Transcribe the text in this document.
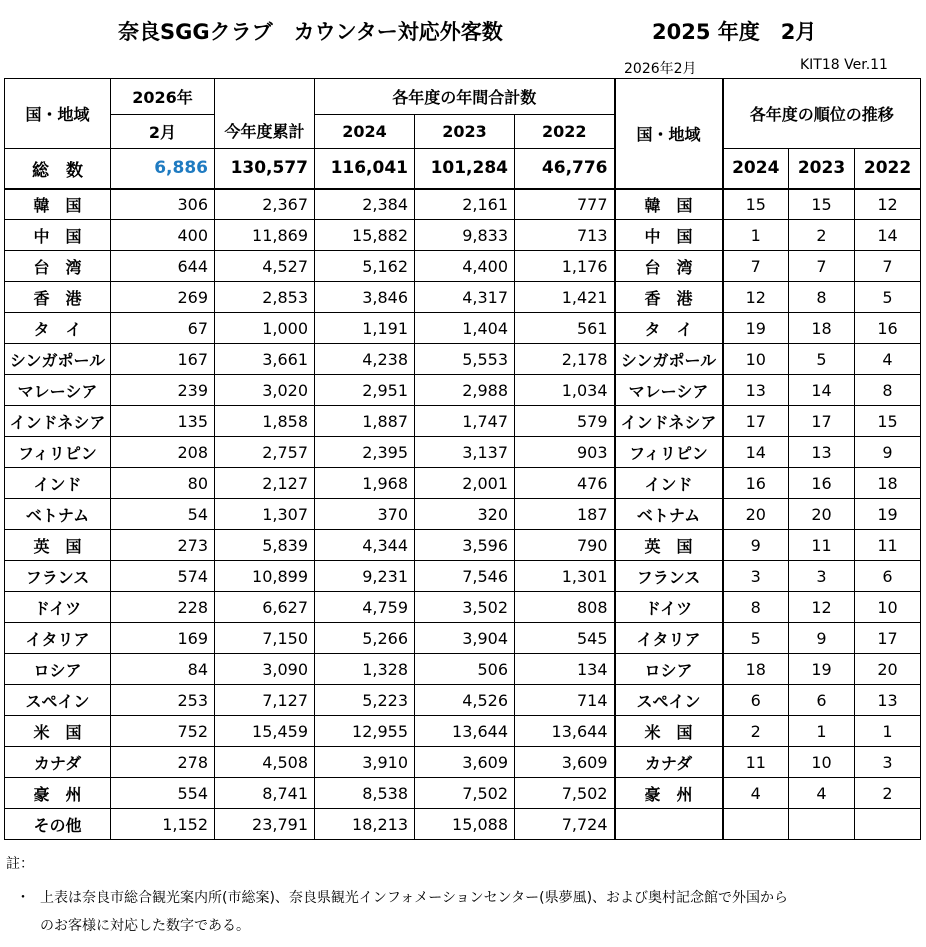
奈良SGGクラブ　カウンター対応外客数	2025 年度　2月
2026年2月	KIT18 Ver.11
国・地域	2026年	今年度累計	各年度の年間合計数			国・地域	各年度の順位の推移		
	2月		2024	2023	2022				
総　数	6,886	130,577	116,041	101,284	46,776		2024	2023	2022
韓　国	306	2,367	2,384	2,161	777	韓　国	15	15	12
中　国	400	11,869	15,882	9,833	713	中　国	1	2	14
台　湾	644	4,527	5,162	4,400	1,176	台　湾	7	7	7
香　港	269	2,853	3,846	4,317	1,421	香　港	12	8	5
タ　イ	67	1,000	1,191	1,404	561	タ　イ	19	18	16
シンガポール	167	3,661	4,238	5,553	2,178	シンガポール	10	5	4
マレーシア	239	3,020	2,951	2,988	1,034	マレーシア	13	14	8
インドネシア	135	1,858	1,887	1,747	579	インドネシア	17	17	15
フィリピン	208	2,757	2,395	3,137	903	フィリピン	14	13	9
インド	80	2,127	1,968	2,001	476	インド	16	16	18
ベトナム	54	1,307	370	320	187	ベトナム	20	20	19
英　国	273	5,839	4,344	3,596	790	英　国	9	11	11
フランス	574	10,899	9,231	7,546	1,301	フランス	3	3	6
ドイツ	228	6,627	4,759	3,502	808	ドイツ	8	12	10
イタリア	169	7,150	5,266	3,904	545	イタリア	5	9	17
ロシア	84	3,090	1,328	506	134	ロシア	18	19	20
スペイン	253	7,127	5,223	4,526	714	スペイン	6	6	13
米　国	752	15,459	12,955	13,644	13,644	米　国	2	1	1
カナダ	278	4,508	3,910	3,609	3,609	カナダ	11	10	3
豪　州	554	8,741	8,538	7,502	7,502	豪　州	4	4	2
その他	1,152	23,791	18,213	15,088	7,724				
註：
・ 上表は奈良市総合観光案内所(市総案)、奈良県観光インフォメーションセンター(県夢風)、および奥村記念館で外国から
のお客様に対応した数字である。
